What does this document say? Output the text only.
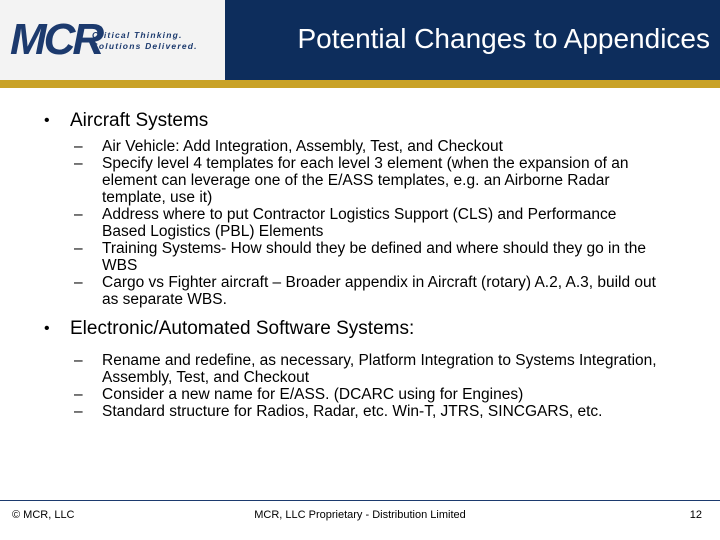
MCR
Critical Thinking.
Solutions Delivered.	Potential Changes to Appendices
• Aircraft Systems
– Air Vehicle: Add Integration, Assembly, Test, and Checkout
– Specify level 4 templates for each level 3 element (when the expansion of an element can leverage one of the E/ASS templates, e.g. an Airborne Radar template, use it)
– Address where to put Contractor Logistics Support (CLS) and Performance Based Logistics (PBL) Elements
– Training Systems- How should they be defined and where should they go in the WBS
– Cargo vs Fighter aircraft – Broader appendix in Aircraft (rotary) A.2, A.3, build out as separate WBS.
• Electronic/Automated Software Systems:
– Rename and redefine, as necessary, Platform Integration to Systems Integration, Assembly, Test, and Checkout
– Consider a new name for E/ASS. (DCARC using for Engines)
– Standard structure for Radios, Radar, etc. Win-T, JTRS, SINCGARS, etc.
© MCR, LLC	MCR, LLC Proprietary - Distribution Limited	12
